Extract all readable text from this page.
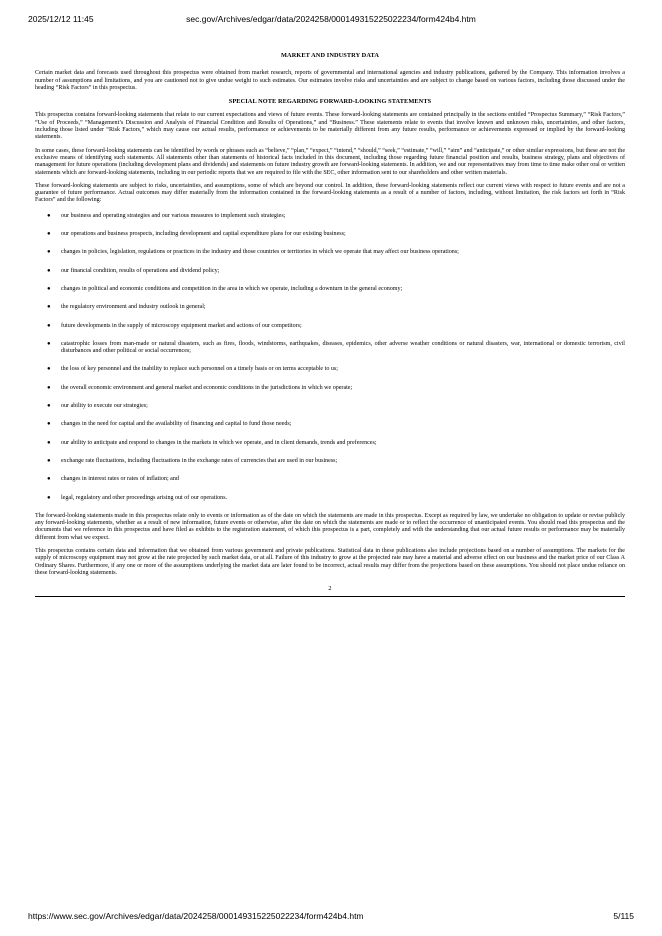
2025/12/12 11:45	sec.gov/Archives/edgar/data/2024258/000149315225022234/form424b4.htm
MARKET AND INDUSTRY DATA

Certain market data and forecasts used throughout this prospectus were obtained from market research, reports of governmental and international agencies and industry publications, gathered by the Company. This information involves a number of assumptions and limitations, and you are cautioned not to give undue weight to such estimates. Our estimates involve risks and uncertainties and are subject to change based on various factors, including those discussed under the heading “Risk Factors” in this prospectus.

SPECIAL NOTE REGARDING FORWARD-LOOKING STATEMENTS

This prospectus contains forward-looking statements that relate to our current expectations and views of future events. These forward-looking statements are contained principally in the sections entitled “Prospectus Summary,” “Risk Factors,” “Use of Proceeds,” “Management’s Discussion and Analysis of Financial Condition and Results of Operations,” and “Business.” These statements relate to events that involve known and unknown risks, uncertainties, and other factors, including those listed under “Risk Factors,” which may cause our actual results, performance or achievements to be materially different from any future results, performance or achievements expressed or implied by the forward-looking statements.

In some cases, these forward-looking statements can be identified by words or phrases such as “believe,” “plan,” “expect,” “intend,” “should,” “seek,” “estimate,” “will,” “aim” and “anticipate,” or other similar expressions, but these are not the exclusive means of identifying such statements. All statements other than statements of historical facts included in this document, including those regarding future financial position and results, business strategy, plans and objectives of management for future operations (including development plans and dividends) and statements on future industry growth are forward-looking statements. In addition, we and our representatives may from time to time make other oral or written statements which are forward-looking statements, including in our periodic reports that we are required to file with the SEC, other information sent to our shareholders and other written materials.

These forward-looking statements are subject to risks, uncertainties, and assumptions, some of which are beyond our control. In addition, these forward-looking statements reflect our current views with respect to future events and are not a guarantee of future performance. Actual outcomes may differ materially from the information contained in the forward-looking statements as a result of a number of factors, including, without limitation, the risk factors set forth in “Risk Factors” and the following:

● our business and operating strategies and our various measures to implement such strategies;
● our operations and business prospects, including development and capital expenditure plans for our existing business;
● changes in policies, legislation, regulations or practices in the industry and those countries or territories in which we operate that may affect our business operations;
● our financial condition, results of operations and dividend policy;
● changes in political and economic conditions and competition in the area in which we operate, including a downturn in the general economy;
● the regulatory environment and industry outlook in general;
● future developments in the supply of microscopy equipment market and actions of our competitors;
● catastrophic losses from man-made or natural disasters, such as fires, floods, windstorms, earthquakes, diseases, epidemics, other adverse weather conditions or natural disasters, war, international or domestic terrorism, civil disturbances and other political or social occurrences;
● the loss of key personnel and the inability to replace such personnel on a timely basis or on terms acceptable to us;
● the overall economic environment and general market and economic conditions in the jurisdictions in which we operate;
● our ability to execute our strategies;
● changes in the need for capital and the availability of financing and capital to fund those needs;
● our ability to anticipate and respond to changes in the markets in which we operate, and in client demands, trends and preferences;
● exchange rate fluctuations, including fluctuations in the exchange rates of currencies that are used in our business;
● changes in interest rates or rates of inflation; and
● legal, regulatory and other proceedings arising out of our operations.

The forward-looking statements made in this prospectus relate only to events or information as of the date on which the statements are made in this prospectus. Except as required by law, we undertake no obligation to update or revise publicly any forward-looking statements, whether as a result of new information, future events or otherwise, after the date on which the statements are made or to reflect the occurrence of unanticipated events. You should read this prospectus and the documents that we reference in this prospectus and have filed as exhibits to the registration statement, of which this prospectus is a part, completely and with the understanding that our actual future results or performance may be materially different from what we expect.

This prospectus contains certain data and information that we obtained from various government and private publications. Statistical data in these publications also include projections based on a number of assumptions. The markets for the supply of microscopy equipment may not grow at the rate projected by such market data, or at all. Failure of this industry to grow at the projected rate may have a material and adverse effect on our business and the market price of our Class A Ordinary Shares. Furthermore, if any one or more of the assumptions underlying the market data are later found to be incorrect, actual results may differ from the projections based on these assumptions. You should not place undue reliance on these forward-looking statements.

2
https://www.sec.gov/Archives/edgar/data/2024258/000149315225022234/form424b4.htm	5/115
